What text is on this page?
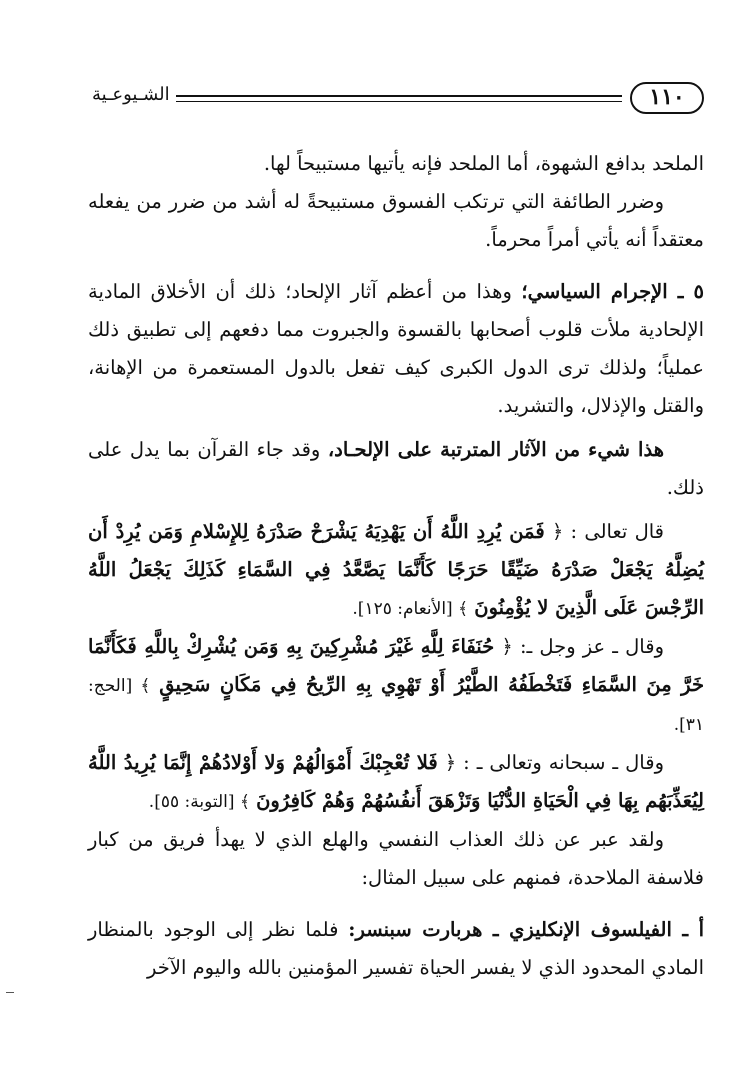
١١٠
الشـيوعـية

الملحد بدافع الشهوة، أما الملحد فإنه يأتيها مستبيحاً لها.

وضرر الطائفة التي ترتكب الفسوق مستبيحةً له أشد من ضرر من يفعله معتقداً أنه يأتي أمراً محرماً.

٥ ـ الإجرام السياسي؛ وهذا من أعظم آثار الإلحاد؛ ذلك أن الأخلاق المادية الإلحادية ملأت قلوب أصحابها بالقسوة والجبروت مما دفعهم إلى تطبيق ذلك عملياً؛ ولذلك ترى الدول الكبرى كيف تفعل بالدول المستعمرة من الإهانة، والقتل والإذلال، والتشريد.

هذا شيء من الآثار المترتبة على الإلحـاد، وقد جاء القرآن بما يدل على ذلك.

قال تعالى : ﴿ فَمَن يُرِدِ اللَّهُ أَن يَهْدِيَهُ يَشْرَحْ صَدْرَهُ لِلإِسْلامِ وَمَن يُرِدْ أَن يُضِلَّهُ يَجْعَلْ صَدْرَهُ ضَيِّقًا حَرَجًا كَأَنَّمَا يَصَّعَّدُ فِي السَّمَاءِ كَذَلِكَ يَجْعَلُ اللَّهُ الرِّجْسَ عَلَى الَّذِينَ لا يُؤْمِنُونَ ﴾ [الأنعام: ١٢٥].

وقال ـ عز وجل ـ: ﴿ حُنَفَاءَ لِلَّهِ غَيْرَ مُشْرِكِينَ بِهِ وَمَن يُشْرِكْ بِاللَّهِ فَكَأَنَّمَا خَرَّ مِنَ السَّمَاءِ فَتَخْطَفُهُ الطَّيْرُ أَوْ تَهْوِي بِهِ الرِّيحُ فِي مَكَانٍ سَحِيقٍ ﴾ [الحج: ٣١].

وقال ـ سبحانه وتعالى ـ : ﴿ فَلا تُعْجِبْكَ أَمْوَالُهُمْ وَلا أَوْلادُهُمْ إِنَّمَا يُرِيدُ اللَّهُ لِيُعَذِّبَهُم بِهَا فِي الْحَيَاةِ الدُّنْيَا وَتَزْهَقَ أَنفُسُهُمْ وَهُمْ كَافِرُونَ ﴾ [التوبة: ٥٥].

ولقد عبر عن ذلك العذاب النفسي والهلع الذي لا يهدأ فريق من كبار فلاسفة الملاحدة، فمنهم على سبيل المثال:

أ ـ الفيلسوف الإنكليزي ـ هربارت سبنسر: فلما نظر إلى الوجود بالمنظار المادي المحدود الذي لا يفسر الحياة تفسير المؤمنين بالله واليوم الآخر
